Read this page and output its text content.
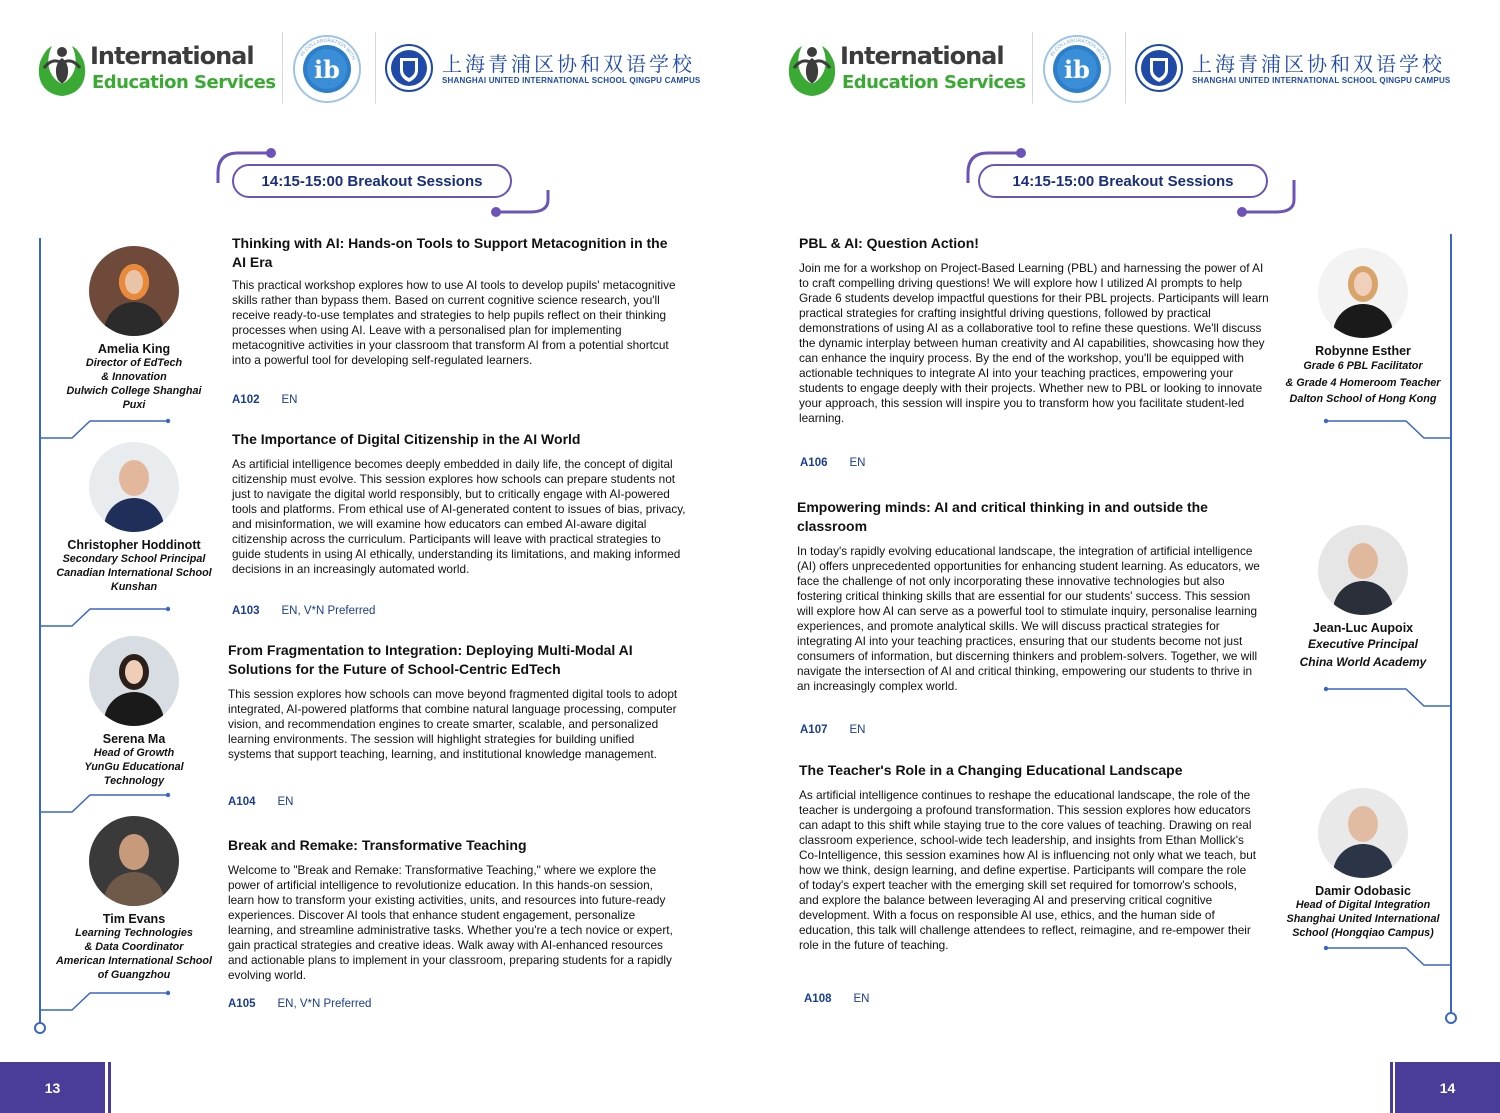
International
Education Services ib
IN COLLABORATION WITH	上海青浦区协和双语学校
SHANGHAI UNITED INTERNATIONAL SCHOOL QINGPU CAMPUS
14:15-15:00 Breakout Sessions
Amelia King
Director of EdTech
& Innovation
Dulwich College Shanghai
Puxi
Christopher Hoddinott
Secondary School Principal
Canadian International School
Kunshan
Serena Ma
Head of Growth
YunGu Educational
Technology
Tim Evans
Learning Technologies
& Data Coordinator
American International School
of Guangzhou
Thinking with AI: Hands-on Tools to Support Metacognition in the AI Era
This practical workshop explores how to use AI tools to develop pupils' metacognitive skills rather than bypass them. Based on current cognitive science research, you'll receive ready-to-use templates and strategies to help pupils reflect on their thinking processes when using AI. Leave with a personalised plan for implementing metacognitive activities in your classroom that transform AI from a potential shortcut into a powerful tool for developing self-regulated learners.
A102 EN
The Importance of Digital Citizenship in the AI World
As artificial intelligence becomes deeply embedded in daily life, the concept of digital citizenship must evolve. This session explores how schools can prepare students not just to navigate the digital world responsibly, but to critically engage with AI-powered tools and platforms. From ethical use of AI-generated content to issues of bias, privacy, and misinformation, we will examine how educators can embed AI-aware digital citizenship across the curriculum. Participants will leave with practical strategies to guide students in using AI ethically, understanding its limitations, and making informed decisions in an increasingly automated world.
A103 EN, V*N Preferred
From Fragmentation to Integration: Deploying Multi-Modal AI Solutions for the Future of School-Centric EdTech
This session explores how schools can move beyond fragmented digital tools to adopt integrated, AI-powered platforms that combine natural language processing, computer vision, and recommendation engines to create smarter, scalable, and personalized learning environments. The session will highlight strategies for building unified systems that support teaching, learning, and institutional knowledge management.
A104 EN
Break and Remake: Transformative Teaching
Welcome to "Break and Remake: Transformative Teaching," where we explore the power of artificial intelligence to revolutionize education. In this hands-on session, learn how to transform your existing activities, units, and resources into future-ready experiences. Discover AI tools that enhance student engagement, personalize learning, and streamline administrative tasks. Whether you're a tech novice or expert, gain practical strategies and creative ideas. Walk away with AI-enhanced resources and actionable plans to implement in your classroom, preparing students for a rapidly evolving world.
A105 EN, V*N Preferred
13
International
Education Services ib
IN COLLABORATION WITH	上海青浦区协和双语学校
SHANGHAI UNITED INTERNATIONAL SCHOOL QINGPU CAMPUS
14:15-15:00 Breakout Sessions
PBL & AI: Question Action!
Join me for a workshop on Project-Based Learning (PBL) and harnessing the power of AI to craft compelling driving questions! We will explore how I utilized AI prompts to help Grade 6 students develop impactful questions for their PBL projects. Participants will learn practical strategies for crafting insightful driving questions, followed by practical demonstrations of using AI as a collaborative tool to refine these questions. We'll discuss the dynamic interplay between human creativity and AI capabilities, showcasing how they can enhance the inquiry process. By the end of the workshop, you'll be equipped with actionable techniques to integrate AI into your teaching practices, empowering your students to engage deeply with their projects. Whether new to PBL or looking to innovate your approach, this session will inspire you to transform how you facilitate student-led learning.
A106 EN
Empowering minds: AI and critical thinking in and outside the classroom
In today's rapidly evolving educational landscape, the integration of artificial intelligence (AI) offers unprecedented opportunities for enhancing student learning. As educators, we face the challenge of not only incorporating these innovative technologies but also fostering critical thinking skills that are essential for our students' success. This session will explore how AI can serve as a powerful tool to stimulate inquiry, personalise learning experiences, and promote analytical skills. We will discuss practical strategies for integrating AI into your teaching practices, ensuring that our students become not just consumers of information, but discerning thinkers and problem-solvers. Together, we will navigate the intersection of AI and critical thinking, empowering our students to thrive in an increasingly complex world.
A107 EN
The Teacher's Role in a Changing Educational Landscape
As artificial intelligence continues to reshape the educational landscape, the role of the teacher is undergoing a profound transformation. This session explores how educators can adapt to this shift while staying true to the core values of teaching. Drawing on real classroom experience, school-wide tech leadership, and insights from Ethan Mollick's Co-Intelligence, this session examines how AI is influencing not only what we teach, but how we think, design learning, and define expertise. Participants will compare the role of today's expert teacher with the emerging skill set required for tomorrow's schools, and explore the balance between leveraging AI and preserving critical cognitive development. With a focus on responsible AI use, ethics, and the human side of education, this talk will challenge attendees to reflect, reimagine, and re-empower their role in the future of teaching.
A108 EN
Robynne Esther
Grade 6 PBL Facilitator
& Grade 4 Homeroom Teacher
Dalton School of Hong Kong
Jean-Luc Aupoix
Executive Principal
China World Academy
Damir Odobasic
Head of Digital Integration
Shanghai United International
School (Hongqiao Campus)
14
